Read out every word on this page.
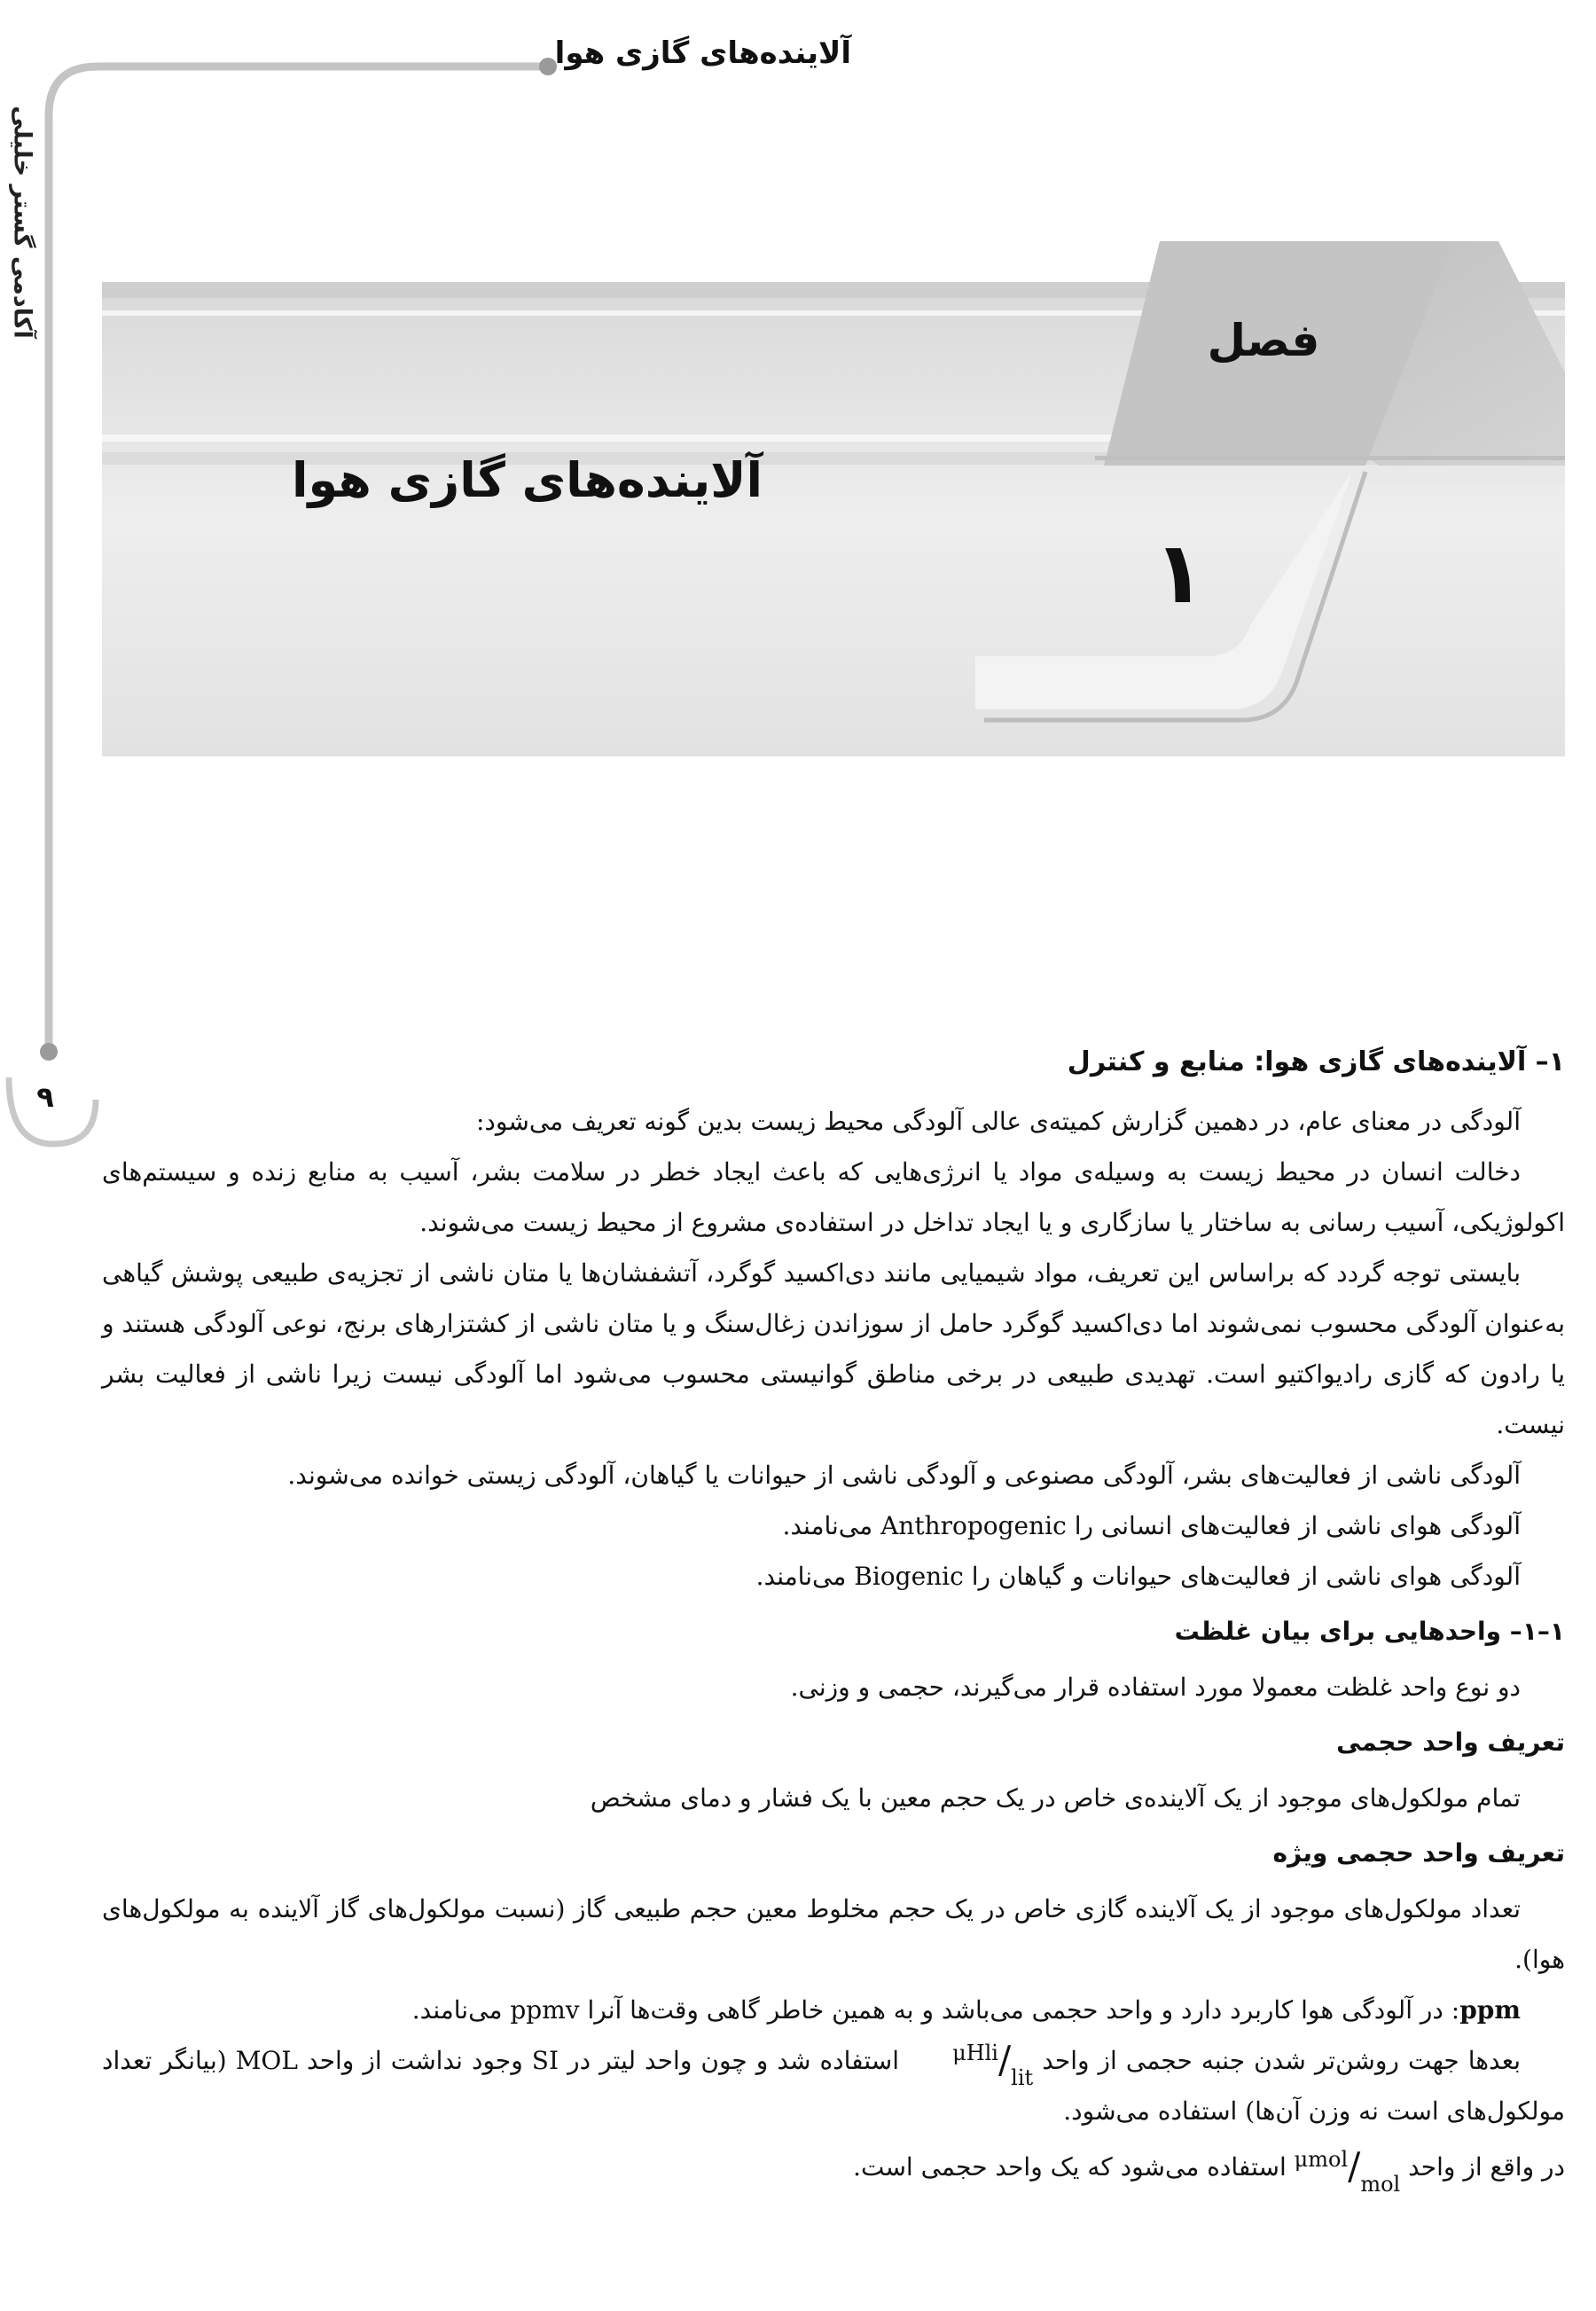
آلاینده‌های گازی هوا
آکادمی گستر خلیلی
۹
فصل
۱
آلاینده‌های گازی هوا
۱– آلاینده‌های گازی هوا: منابع و کنترل

آلودگی در معنای عام، در دهمین گزارش کمیته‌ی عالی آلودگی محیط زیست بدین گونه تعریف می‌شود:

دخالت انسان در محیط زیست به وسیله‌ی مواد یا انرژی‌هایی که باعث ایجاد خطر در سلامت بشر، آسیب به منابع زنده و سیستم‌های اکولوژیکی، آسیب رسانی به ساختار یا سازگاری و یا ایجاد تداخل در استفاده‌ی مشروع از محیط زیست می‌شوند.

بایستی توجه گردد که براساس این تعریف، مواد شیمیایی مانند دی‌اکسید گوگرد، آتشفشان‌ها یا متان ناشی از تجزیه‌ی طبیعی پوشش گیاهی به‌عنوان آلودگی محسوب نمی‌شوند اما دی‌اکسید گوگرد حامل از سوزاندن زغال‌سنگ و یا متان ناشی از کشتزارهای برنج، نوعی آلودگی هستند و یا رادون که گازی رادیواکتیو است. تهدیدی طبیعی در برخی مناطق گوانیستی محسوب می‌شود اما آلودگی نیست زیرا ناشی از فعالیت بشر نیست.

آلودگی ناشی از فعالیت‌های بشر، آلودگی مصنوعی و آلودگی ناشی از حیوانات یا گیاهان، آلودگی زیستی خوانده می‌شوند.

آلودگی هوای ناشی از فعالیت‌های انسانی را Anthropogenic می‌نامند.

آلودگی هوای ناشی از فعالیت‌های حیوانات و گیاهان را Biogenic می‌نامند.

۱–۱– واحدهایی برای بیان غلظت

دو نوع واحد غلظت معمولا مورد استفاده قرار می‌گیرند، حجمی و وزنی.

تعریف واحد حجمی

تمام مولکول‌های موجود از یک آلاینده‌ی خاص در یک حجم معین با یک فشار و دمای مشخص

تعریف واحد حجمی ویژه

تعداد مولکول‌های موجود از یک آلاینده گازی خاص در یک حجم مخلوط معین حجم طبیعی گاز (نسبت مولکول‌های گاز آلاینده به مولکول‌های هوا).

ppm: در آلودگی هوا کاربرد دارد و واحد حجمی می‌باشد و به همین خاطر گاهی وقت‌ها آنرا ppmv می‌نامند.

بعدها جهت روشن‌تر شدن جنبه حجمی از واحد μHli/lit استفاده شد و چون واحد لیتر در SI وجود نداشت از واحد MOL (بیانگر تعداد مولکول‌های است نه وزن آن‌ها) استفاده می‌شود.

در واقع از واحد μmol/mol استفاده می‌شود که یک واحد حجمی است.
